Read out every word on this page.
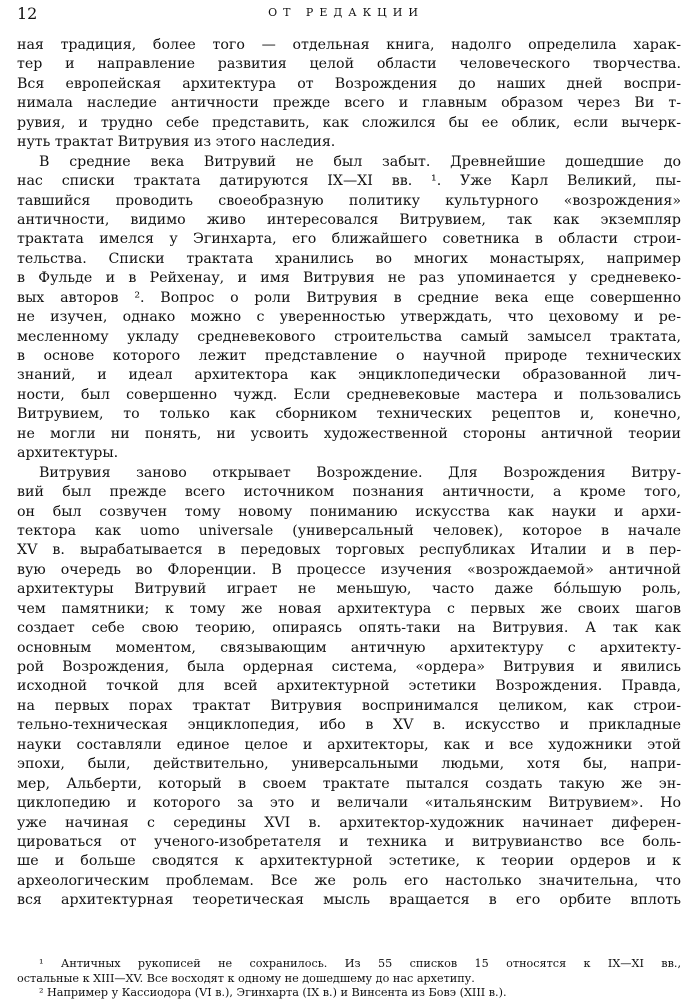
12	ОТ РЕДАКЦИИ
ная традиция, более того — отдельная книга, надолго определила харак-
тер и направление развития целой области человеческого творчества.
Вся европейская архитектура от Возрождения до наших дней воспри-
нимала наследие античности прежде всего и главным образом через Ви т-
рувия, и трудно себе представить, как сложился бы ее облик, если вычерк-
нуть трактат Витрувия из этого наследия.
В средние века Витрувий не был забыт. Древнейшие дошедшие до
нас списки трактата датируются IX—XI вв. ¹. Уже Карл Великий, пы-
тавшийся проводить своеобразную политику культурного «возрождения»
античности, видимо живо интересовался Витрувием, так как экземпляр
трактата имелся у Эгинхарта, его ближайшего советника в области строи-
тельства. Списки трактата хранились во многих монастырях, например
в Фульде и в Рейхенау, и имя Витрувия не раз упоминается у средневеко-
вых авторов ². Вопрос о роли Витрувия в средние века еще совершенно
не изучен, однако можно с уверенностью утверждать, что цеховому и ре-
месленному укладу средневекового строительства самый замысел трактата,
в основе которого лежит представление о научной природе технических
знаний, и идеал архитектора как энциклопедически образованной лич-
ности, был совершенно чужд. Если средневековые мастера и пользовались
Витрувием, то только как сборником технических рецептов и, конечно,
не могли ни понять, ни усвоить художественной стороны античной теории
архитектуры.
Витрувия заново открывает Возрождение. Для Возрождения Витру-
вий был прежде всего источником познания античности, а кроме того,
он был созвучен тому новому пониманию искусства как науки и архи-
тектора как uomo universale (универсальный человек), которое в начале
XV в. вырабатывается в передовых торговых республиках Италии и в пер-
вую очередь во Флоренции. В процессе изучения «возрождаемой» античной
архитектуры Витрувий играет не меньшую, часто даже бóльшую роль,
чем памятники; к тому же новая архитектура с первых же своих шагов
создает себе свою теорию, опираясь опять-таки на Витрувия. А так как
основным моментом, связывающим античную архитектуру с архитекту-
рой Возрождения, была ордерная система, «ордера» Витрувия и явились
исходной точкой для всей архитектурной эстетики Возрождения. Правда,
на первых порах трактат Витрувия воспринимался целиком, как строи-
тельно-техническая энциклопедия, ибо в XV в. искусство и прикладные
науки составляли единое целое и архитекторы, как и все художники этой
эпохи, были, действительно, универсальными людьми, хотя бы, напри-
мер, Альберти, который в своем трактате пытался создать такую же эн-
циклопедию и которого за это и величали «итальянским Витрувием». Но
уже начиная с середины XVI в. архитектор-художник начинает диферен-
цироваться от ученого-изобретателя и техника и витрувианство все боль-
ше и больше сводятся к архитектурной эстетике, к теории ордеров и к
археологическим проблемам. Все же роль его настолько значительна, что
вся архитектурная теоретическая мысль вращается в его орбите вплоть
¹ Античных рукописей не сохранилось. Из 55 списков 15 относятся к IX—XI вв.,
остальные к XIII—XV. Все восходят к одному не дошедшему до нас архетипу.
² Например у Кассиодора (VI в.), Эгинхарта (IX в.) и Винсента из Бовэ (XIII в.).
